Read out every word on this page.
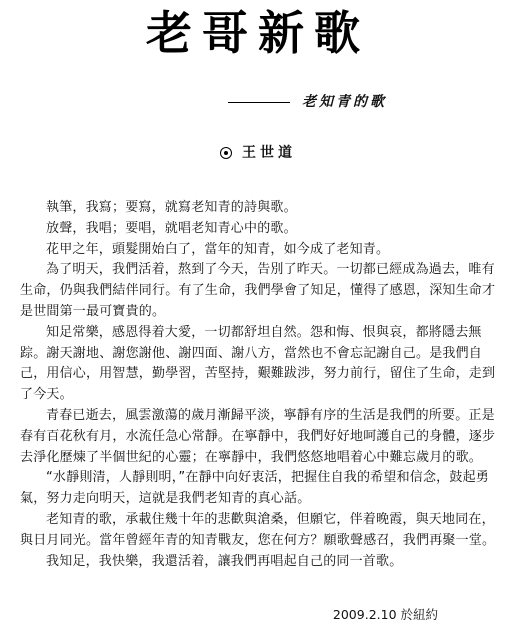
老哥新歌
老知青的歌
王世道

執筆，我寫；要寫，就寫老知青的詩與歌。

放聲，我唱；要唱，就唱老知青心中的歌。

花甲之年，頭髮開始白了，當年的知青，如今成了老知青。

為了明天，我們活着，熬到了今天，告別了昨天。一切都已經成為過去，唯有生命，仍與我們結伴同行。有了生命，我們學會了知足，懂得了感恩，深知生命才是世間第一最可寶貴的。

知足常樂，感恩得着大愛，一切都舒坦自然。怨和悔、恨與哀，都將隱去無踪。謝天謝地、謝您謝他、謝四面、謝八方，當然也不會忘記謝自己。是我們自己，用信心，用智慧，勤學習，苦堅持，艱難跋涉，努力前行，留住了生命，走到了今天。

青春已逝去，風雲激蕩的歲月漸歸平淡，寧靜有序的生活是我們的所要。正是春有百花秋有月，水流任急心常靜。在寧靜中，我們好好地呵護自己的身體，逐步去淨化歷煉了半個世紀的心靈；在寧靜中，我們悠悠地唱着心中難忘歲月的歌。

“水靜則清，人靜則明，”在靜中向好衷活，把握住自我的希望和信念，鼓起勇氣，努力走向明天，這就是我們老知青的真心話。

老知青的歌，承載住幾十年的悲歡與滄桑，但願它，伴着晚霞，與天地同在，與日月同光。當年曾經年青的知青戰友，您在何方？願歌聲感召，我們再聚一堂。

我知足，我快樂，我還活着，讓我們再唱起自己的同一首歌。

2009.2.10 於紐約
